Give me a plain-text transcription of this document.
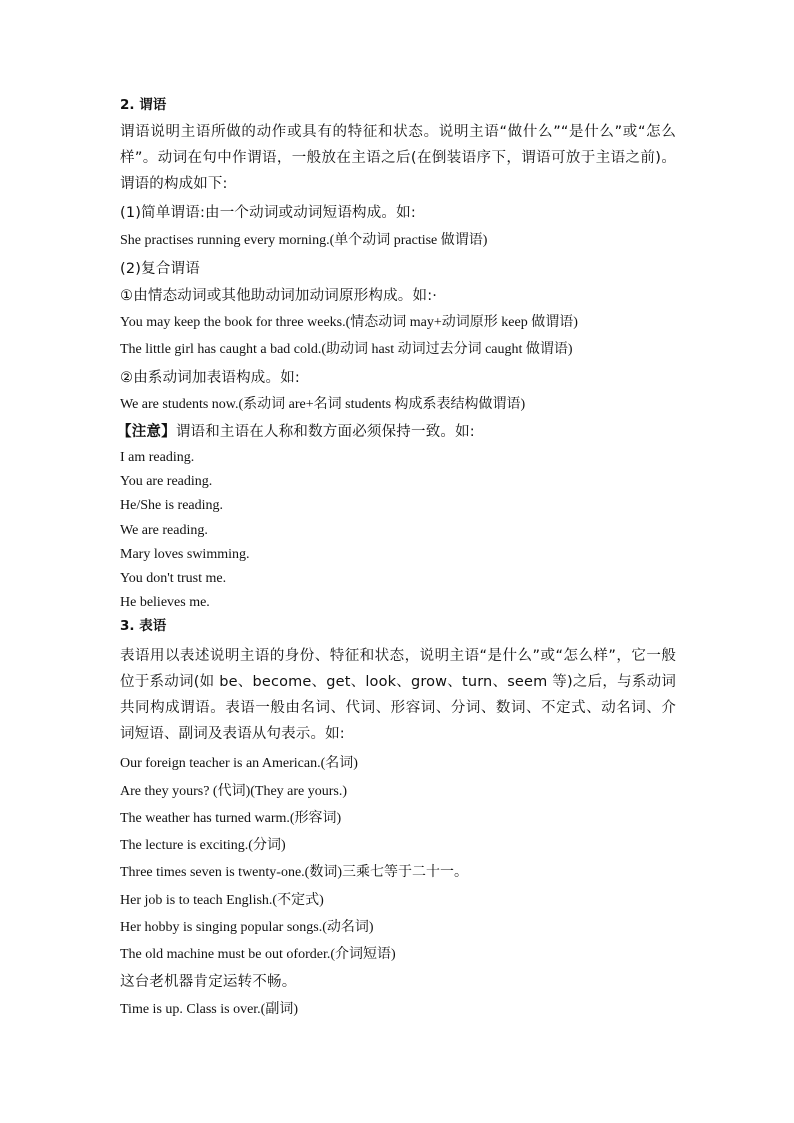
2. 谓语
谓语说明主语所做的动作或具有的特征和状态。说明主语“做什么”“是什么”或“怎么样”。动词在句中作谓语，一般放在主语之后(在倒装语序下，谓语可放于主语之前)。谓语的构成如下:
(1)简单谓语:由一个动词或动词短语构成。如:
She practises running every morning.(单个动词 practise 做谓语)
(2)复合谓语
①由情态动词或其他助动词加动词原形构成。如:·
You may keep the book for three weeks.(情态动词 may+动词原形 keep 做谓语)
The little girl has caught a bad cold.(助动词 hast 动词过去分词 caught 做谓语)
②由系动词加表语构成。如:
We are students now.(系动词 are+名词 students 构成系表结构做谓语)
【注意】谓语和主语在人称和数方面必须保持一致。如:
I am reading.
You are reading.
He/She is reading.
We are reading.
Mary loves swimming.
You don't trust me.
He believes me.
3. 表语
表语用以表述说明主语的身份、特征和状态，说明主语“是什么”或“怎么样”，它一般位于系动词(如 be、become、get、look、grow、turn、seem 等)之后，与系动词共同构成谓语。表语一般由名词、代词、形容词、分词、数词、不定式、动名词、介词短语、副词及表语从句表示。如:
Our foreign teacher is an American.(名词)
Are they yours? (代词)(They are yours.)
The weather has turned warm.(形容词)
The lecture is exciting.(分词)
Three times seven is twenty-one.(数词)三乘七等于二十一。
Her job is to teach English.(不定式)
Her hobby is singing popular songs.(动名词)
The old machine must be out oforder.(介词短语)
这台老机器肯定运转不畅。
Time is up. Class is over.(副词)
